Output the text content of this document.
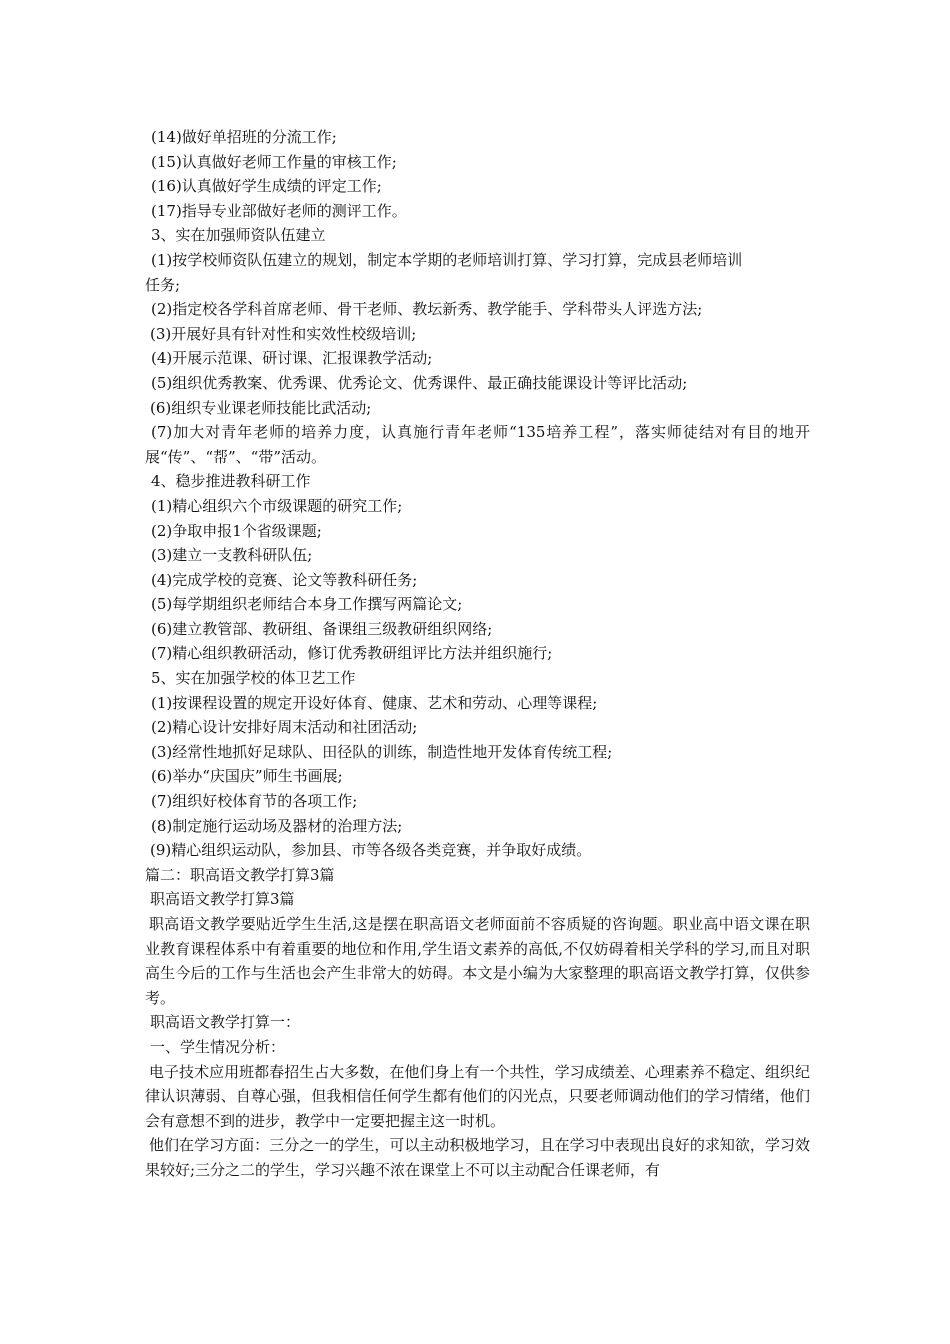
(14)做好单招班的分流工作;
(15)认真做好老师工作量的审核工作;
(16)认真做好学生成绩的评定工作;
(17)指导专业部做好老师的测评工作。
3、实在加强师资队伍建立
(1)按学校师资队伍建立的规划，制定本学期的老师培训打算、学习打算，完成县老师培训
任务;
(2)指定校各学科首席老师、骨干老师、教坛新秀、教学能手、学科带头人评选方法;
(3)开展好具有针对性和实效性校级培训;
(4)开展示范课、研讨课、汇报课教学活动;
(5)组织优秀教案、优秀课、优秀论文、优秀课件、最正确技能课设计等评比活动;
(6)组织专业课老师技能比武活动;
(7)加大对青年老师的培养力度，认真施行青年老师“135培养工程”，落实师徒结对有目的地开展“传”、“帮”、“带”活动。
4、稳步推进教科研工作
(1)精心组织六个市级课题的研究工作;
(2)争取申报1个省级课题;
(3)建立一支教科研队伍;
(4)完成学校的竞赛、论文等教科研任务;
(5)每学期组织老师结合本身工作撰写两篇论文;
(6)建立教管部、教研组、备课组三级教研组织网络;
(7)精心组织教研活动，修订优秀教研组评比方法并组织施行;
5、实在加强学校的体卫艺工作
(1)按课程设置的规定开设好体育、健康、艺术和劳动、心理等课程;
(2)精心设计安排好周末活动和社团活动;
(3)经常性地抓好足球队、田径队的训练，制造性地开发体育传统工程;
(6)举办“庆国庆”师生书画展;
(7)组织好校体育节的各项工作;
(8)制定施行运动场及器材的治理方法;
(9)精心组织运动队，参加县、市等各级各类竞赛，并争取好成绩。
篇二：职高语文教学打算3篇
职高语文教学打算3篇
职高语文教学要贴近学生生活,这是摆在职高语文老师面前不容质疑的咨询题。职业高中语文课在职业教育课程体系中有着重要的地位和作用,学生语文素养的高低,不仅妨碍着相关学科的学习,而且对职高生今后的工作与生活也会产生非常大的妨碍。本文是小编为大家整理的职高语文教学打算，仅供参考。
职高语文教学打算一：
一、学生情况分析：
电子技术应用班都春招生占大多数，在他们身上有一个共性，学习成绩差、心理素养不稳定、组织纪律认识薄弱、自尊心强，但我相信任何学生都有他们的闪光点，只要老师调动他们的学习情绪，他们会有意想不到的进步，教学中一定要把握主这一时机。
他们在学习方面：三分之一的学生，可以主动积极地学习，且在学习中表现出良好的求知欲，学习效果较好;三分之二的学生，学习兴趣不浓在课堂上不可以主动配合任课老师，有
